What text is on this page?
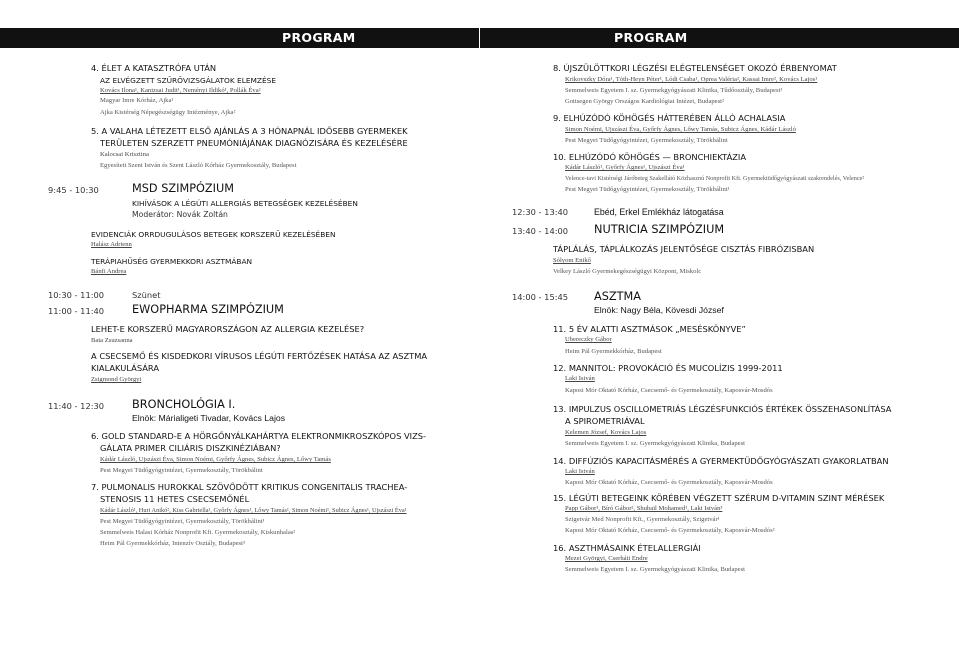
PROGRAM
4. ÉLET A KATASZTRÓFA UTÁN
AZ ELVÉGZETT SZŰRŐVIZSGÁLATOK ELEMZÉSE
Kovács Ilona¹, Kanizsai Judit¹, Neményi Ildikó¹, Pollák Éva²
Magyar Imre Kórház, Ajka¹
Ajka Kistérség Népegészségügy Intézménye, Ajka²
5. A VALAHA LÉTEZETT ELSŐ AJÁNLÁS A 3 HÓNAPNÁL IDŐSEBB GYERMEKEK
TERÜLETEN SZERZETT PNEUMÓNIÁJÁNAK DIAGNÓZISÁRA ÉS KEZELÉSÉRE
Kalocsai Krisztina
Egyesített Szent István és Szent László Kórház Gyermekosztály, Budapest
9:45 - 10:30	MSD SZIMPÓZIUM
KIHÍVÁSOK A LÉGÚTI ALLERGIÁS BETEGSÉGEK KEZELÉSÉBEN
Moderátor: Novák Zoltán
EVIDENCIÁK ORRDUGULÁSOS BETEGEK KORSZERŰ KEZELÉSÉBEN
Halász Adrienn
TERÁPIAHŰSÉG GYERMEKKORI ASZTMÁBAN
Bánfi Andrea
10:30 - 11:00	Szünet
11:00 - 11:40 EWOPHARMA SZIMPÓZIUM
LEHET-E KORSZERŰ MAGYARORSZÁGON AZ ALLERGIA KEZELÉSE?
Bata Zsuzsanna
A CSECSEMŐ ÉS KISDEDKORI VÍRUSOS LÉGÚTI FERTŐZÉSEK HATÁSA AZ ASZTMA
KIALAKULÁSÁRA
Zsigmond Györgyi
11:40 - 12:30 BRONCHOLÓGIA I.
Elnök: Márialigeti Tivadar, Kovács Lajos
6. GOLD STANDARD-E A HÖRGŐNYÁLKAHÁRTYA ELEKTRONMIKROSZKÓPOS VIZS-
GÁLATA PRIMER CILIÁRIS DISZKINÉZIÁBAN?
Kádár László, Ujszászi Éva, Simon Noémi, Győrfy Ágnes, Subicz Ágnes, Lőwy Tamás
Pest Megyei Tüdőgyógyintézet, Gyermekosztály, Törökbálint
7. PULMONALIS HUROKKAL SZÖVŐDÖTT KRITIKUS CONGENITALIS TRACHEA-
STENOSIS 11 HETES CSECSEMŐNÉL
Kádár László¹, Huri Anikó², Kiss Gabriella¹, Győrfy Ágnes¹, Lőwy Tamás¹, Simon Noémi¹, Subicz Ágnes¹, Ujszászi Éva¹
Pest Megyei Tüdőgyógyintézet, Gyermekosztály, Törökbálint¹
Semmelweis Halasi Kórház Nonprofit Kft. Gyermekosztály, Kiskunhalas²
Heim Pál Gyermekkórház, Intenzív Osztály, Budapest³
PROGRAM
8. ÚJSZÜLÖTTKORI LÉGZÉSI ELÉGTELENSÉGET OKOZÓ ÉRBENYOMAT
Krikovszky Dóra¹, Tóth-Heyn Péter¹, Lódi Csaba¹, Oprea Valéria², Kassai Imre², Kovács Lajos¹
Semmelweis Egyetem I. sz. Gyermekgyógyászati Klinika, Tűdőosztály, Budapest¹
Gottsegen György Országos Kardiológiai Intézet, Budapest²
9. ELHÚZÓDÓ KÖHÖGÉS HÁTTERÉBEN ÁLLÓ ACHALASIA
Simon Noémi, Ujszászi Éva, Győrfy Ágnes, Lőwy Tamás, Subicz Ágnes, Kádár László
Pest Megyei Tüdőgyógyintézet, Gyermekosztály, Törökbálint
10. ELHÚZÓDÓ KÖHÖGÉS — BRONCHIEKTÁZIA
Kádár László¹, Győrfy Ágnes¹, Ujszászi Éva¹
Velence-tavi Kistérségi Járóbeteg Szakellátó Közhasznú Nonprofit Kft. Gyermektüdőgyógyászati szakrendelés, Velence²
Pest Megyei Tüdőgyógyintézet, Gyermekosztály, Törökbálint¹
12:30 - 13:40	Ebéd, Erkel Emlékház látogatása
13:40 - 14:00 NUTRICIA SZIMPÓZIUM
TÁPLÁLÁS, TÁPLÁLKOZÁS JELENTŐSÉGE CISZTÁS FIBRÓZISBAN
Sólyom Enikő
Velkey László Gyermekegészségügyi Központ, Miskolc
14:00 - 15:45 ASZTMA
Elnök: Nagy Béla, Kövesdi József
11. 5 ÉV ALATTI ASZTMÁSOK „MESÉSKÖNYVE”
Ubereczky Gábor
Heim Pál Gyermekkórház, Budapest
12. MANNITOL: PROVOKÁCIÓ ÉS MUCOLÍZIS 1999-2011
Laki István
Kaposi Mór Oktató Kórház, Csecsemő- és Gyermekosztály, Kaposvár-Mosdós
13. IMPULZUS OSCILLOMETRIÁS LÉGZÉSFUNKCIÓS ÉRTÉKEK ÖSSZEHASONLÍTÁSA
A SPIROMETRIÁVAL
Kelemen József, Kovács Lajos
Semmelweis Egyetem I. sz. Gyermekgyógyászati Klinika, Budapest
14. DIFFÚZIÓS KAPACITÁSMÉRÉS A GYERMEKTÜDŐGYÓGYÁSZATI GYAKORLATBAN
Laki István
Kaposi Mór Oktató Kórház, Csecsemő- és Gyermekosztály, Kaposvár-Mosdós
15. LÉGÚTI BETEGEINK KÖRÉBEN VÉGZETT SZÉRUM D-VITAMIN SZINT MÉRÉSEK
Papp Gábor¹, Bíró Gábor², Shubail Mohamed¹, Laki István³
Szigetvár Med Nonprofit Kft., Gyermekosztály, Szigetvár¹
Kaposi Mór Oktató Kórház, Csecsemő- és Gyermekosztály, Kaposvár-Mosdós²
16. ASZTHMÁSAINK ÉTELALLERGIÁI
Mezei Györgyi, Cserháti Endre
Semmelweis Egyetem I. sz. Gyermekgyógyászati Klinika, Budapest
